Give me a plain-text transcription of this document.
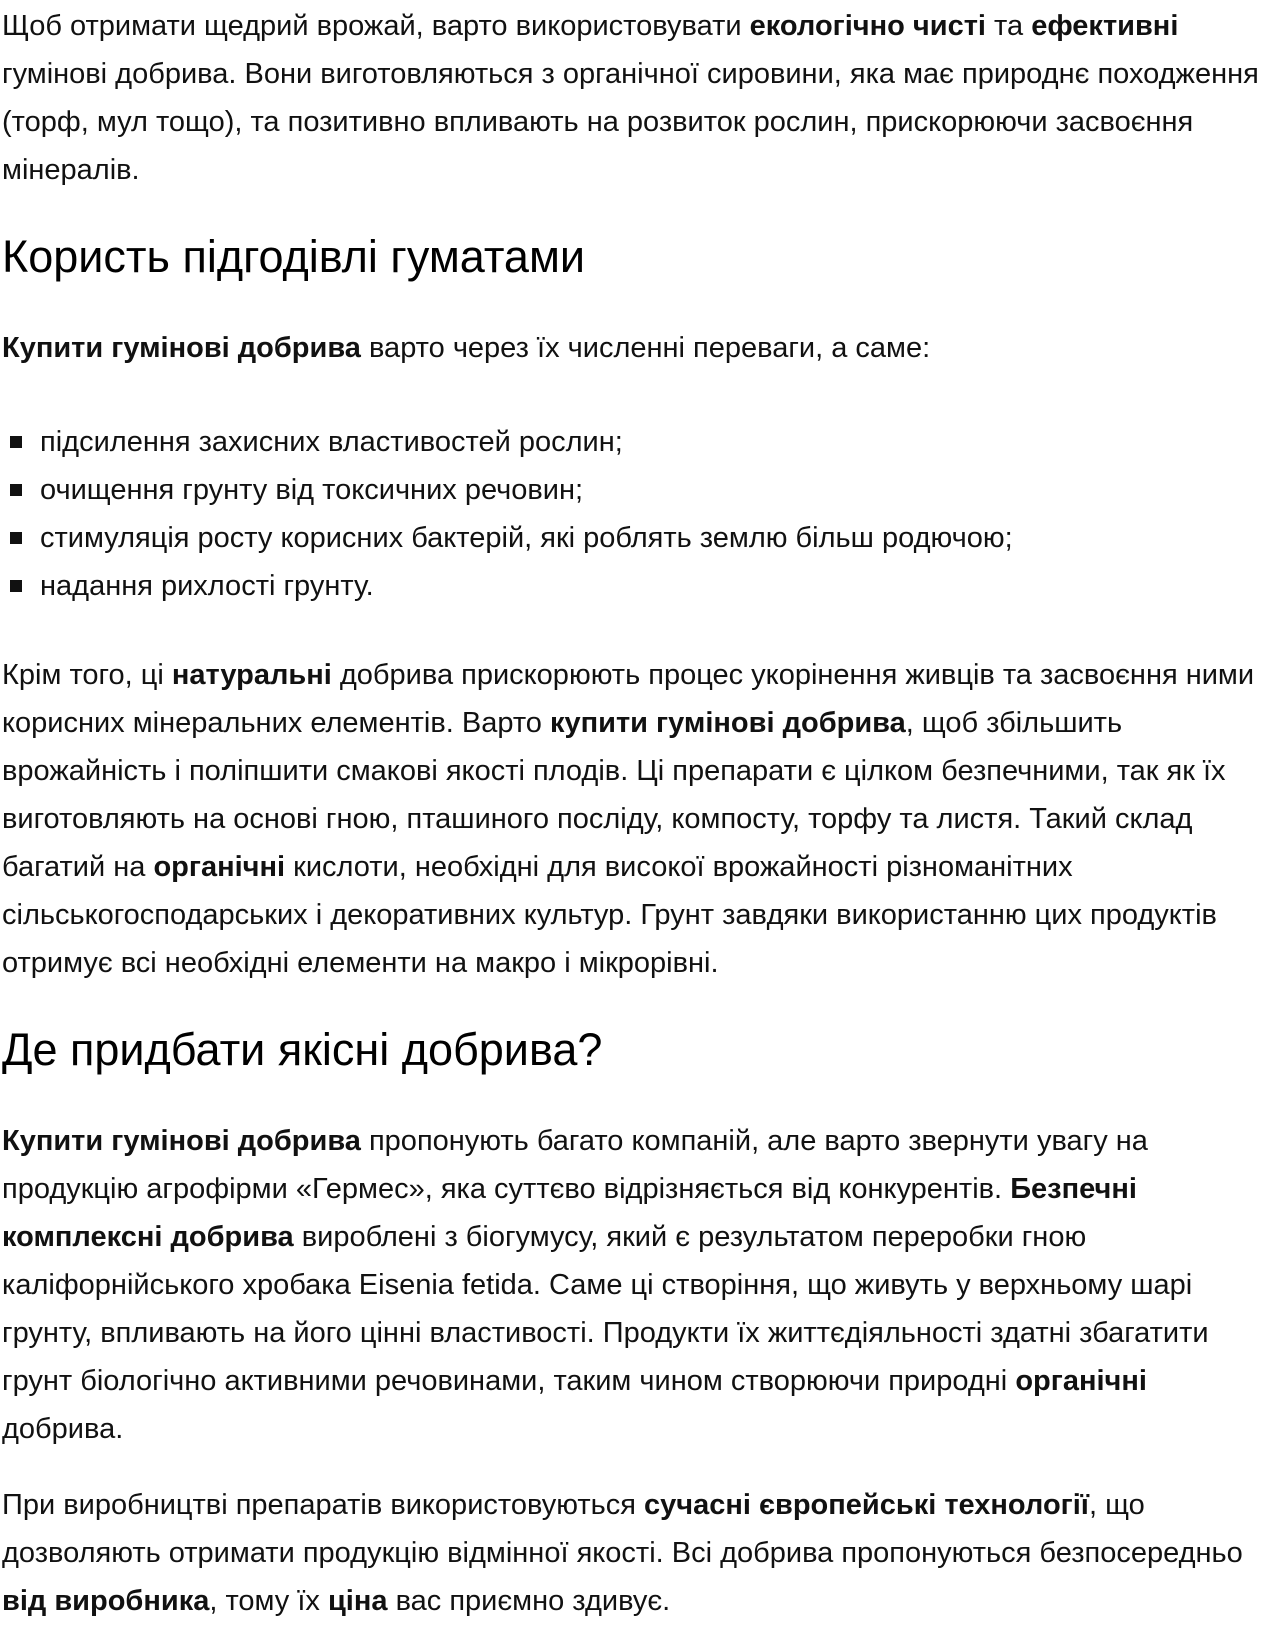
Щоб отримати щедрий врожай, варто використовувати екологічно чисті та ефективні гумінові добрива. Вони виготовляються з органічної сировини, яка має природнє походження (торф, мул тощо), та позитивно впливають на розвиток рослин, прискорюючи засвоєння мінералів.

Користь підгодівлі гуматами

Купити гумінові добрива варто через їх численні переваги, а саме:

підсилення захисних властивостей рослин;
очищення грунту від токсичних речовин;
стимуляція росту корисних бактерій, які роблять землю більш родючою;
надання рихлості грунту.

Крім того, ці натуральні добрива прискорюють процес укорінення живців та засвоєння ними корисних мінеральних елементів. Варто купити гумінові добрива, щоб збільшить врожайність і поліпшити смакові якості плодів. Ці препарати є цілком безпечними, так як їх виготовляють на основі гною, пташиного посліду, компосту, торфу та листя. Такий склад багатий на органічні кислоти, необхідні для високої врожайності різноманітних сільськогосподарських і декоративних культур. Грунт завдяки використанню цих продуктів отримує всі необхідні елементи на макро і мікрорівні.

Де придбати якісні добрива?

Купити гумінові добрива пропонують багато компаній, але варто звернути увагу на продукцію агрофірми «Гермес», яка суттєво відрізняється від конкурентів. Безпечні комплексні добрива вироблені з біогумусу, який є результатом переробки гною каліфорнійського хробака Eisenia fetida. Саме ці створіння, що живуть у верхньому шарі грунту, впливають на його цінні властивості. Продукти їх життєдіяльності здатні збагатити грунт біологічно активними речовинами, таким чином створюючи природні органічні добрива.

При виробництві препаратів використовуються сучасні європейські технології, що дозволяють отримати продукцію відмінної якості. Всі добрива пропонуються безпосередньо від виробника, тому їх ціна вас приємно здивує.
